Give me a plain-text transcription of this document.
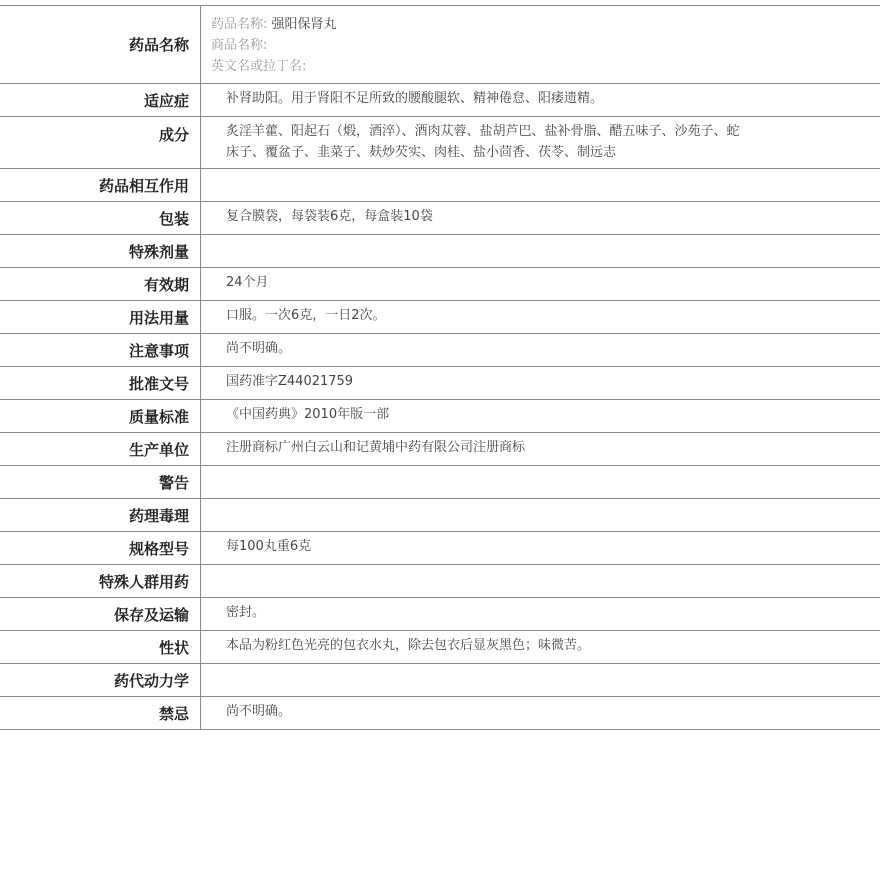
药品名称
药品名称: 强阳保肾丸
商品名称:
英文名或拉丁名:
适应症	补肾助阳。用于肾阳不足所致的腰酸腿软、精神倦怠、阳痿遗精。
成分	炙淫羊藿、阳起石（煅，酒淬）、酒肉苁蓉、盐胡芦巴、盐补骨脂、醋五味子、沙苑子、蛇
床子、覆盆子、韭菜子、麸炒芡实、肉桂、盐小茴香、茯苓、制远志
药品相互作用
包装	复合膜袋，每袋装6克，每盒装10袋
特殊剂量
有效期	24个月
用法用量	口服。一次6克，一日2次。
注意事项	尚不明确。
批准文号	国药准字Z44021759
质量标准	《中国药典》2010年版一部
生产单位	注册商标广州白云山和记黄埔中药有限公司注册商标
警告
药理毒理
规格型号	每100丸重6克
特殊人群用药
保存及运输	密封。
性状	本品为粉红色光亮的包衣水丸，除去包衣后显灰黑色；味微苦。
药代动力学
禁忌	尚不明确。
